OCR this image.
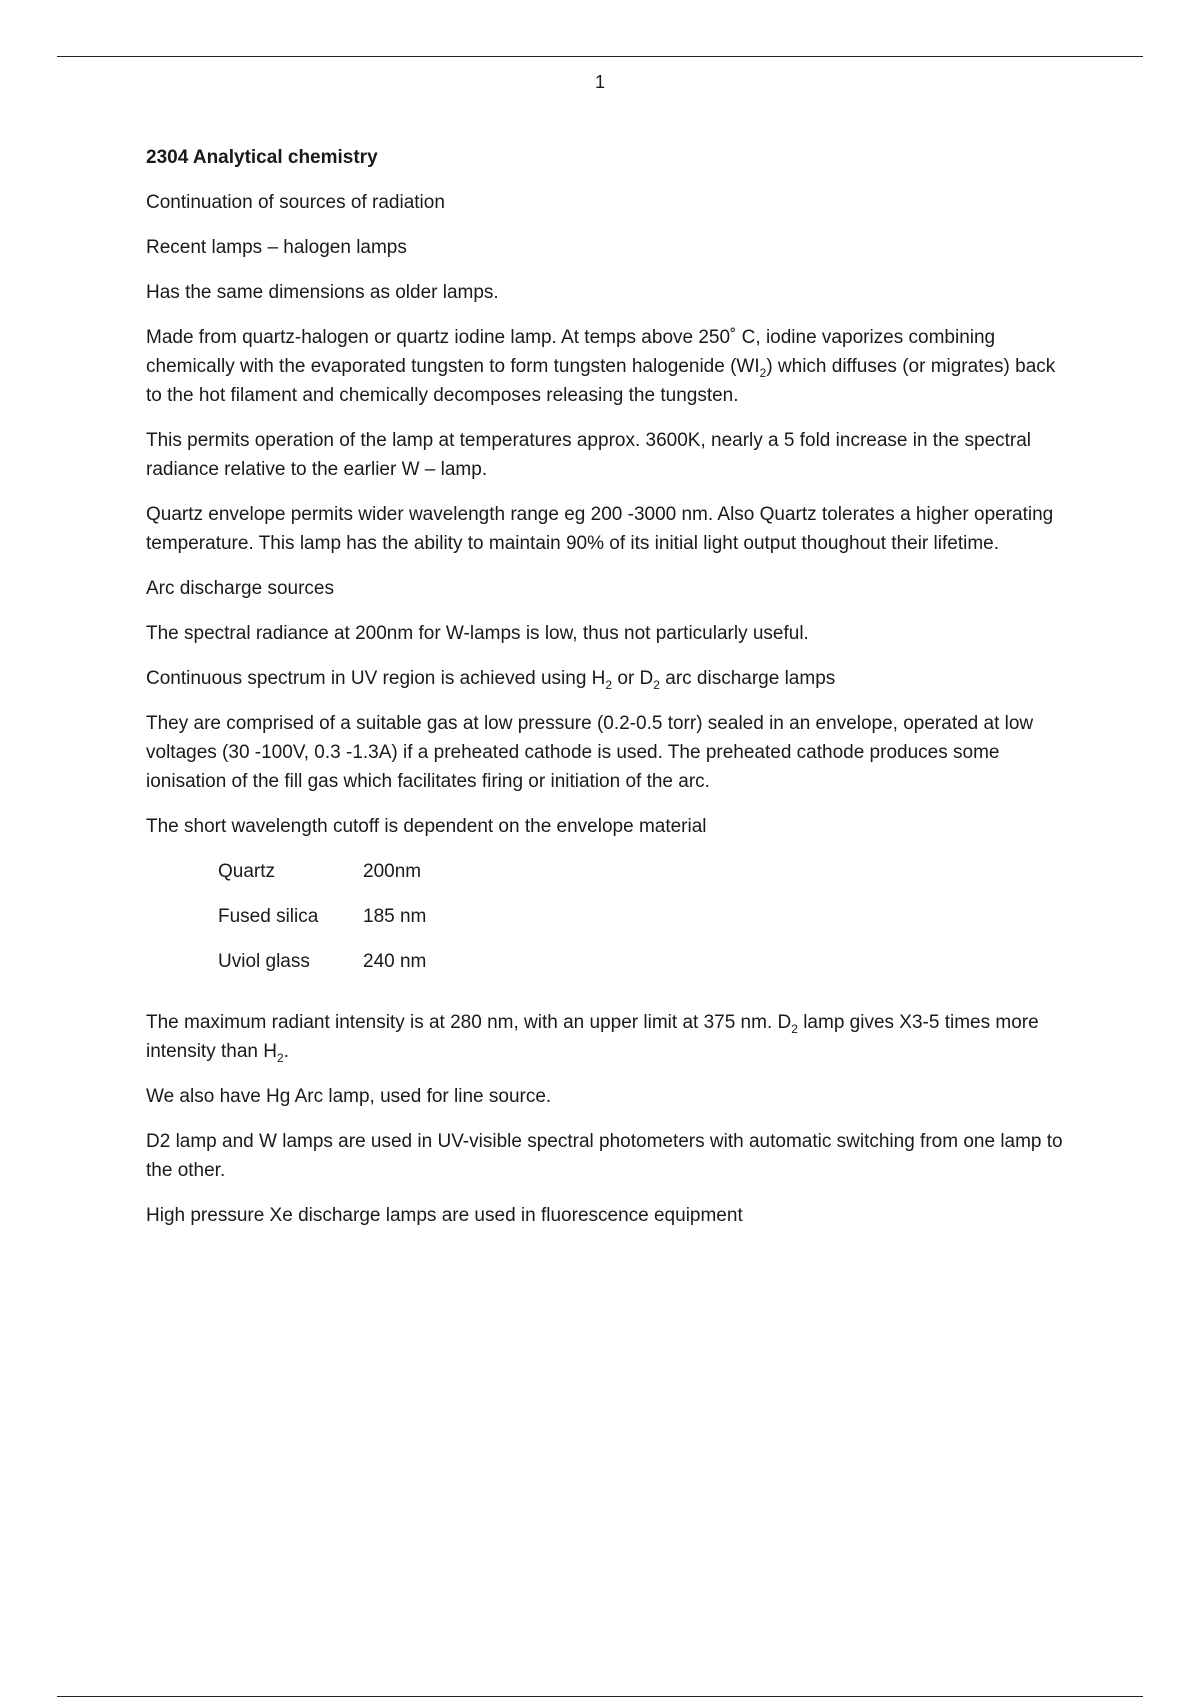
1

2304 Analytical chemistry

Continuation of sources of radiation

Recent lamps – halogen lamps

Has the same dimensions as older lamps.

Made from quartz-halogen or quartz iodine lamp. At temps above 250˚ C, iodine vaporizes combining chemically with the evaporated tungsten to form tungsten halogenide $(WI_2)$ which diffuses (or migrates) back to the hot filament and chemically decomposes releasing the tungsten.

This permits operation of the lamp at temperatures approx. 3600K, nearly a 5 fold increase in the spectral radiance relative to the earlier W – lamp.

Quartz envelope permits wider wavelength range eg 200 -3000 nm. Also Quartz tolerates a higher operating temperature. This lamp has the ability to maintain 90% of its initial light output thoughout their lifetime.

Arc discharge sources

The spectral radiance at 200nm for W-lamps is low, thus not particularly useful.

Continuous spectrum in UV region is achieved using $H_2$ or $D_2$ arc discharge lamps

They are comprised of a suitable gas at low pressure (0.2-0.5 torr) sealed in an envelope, operated at low voltages (30 -100V, 0.3 -1.3A) if a preheated cathode is used. The preheated cathode produces some ionisation of the fill gas which facilitates firing or initiation of the arc.

The short wavelength cutoff is dependent on the envelope material

Quartz	200nm
Fused silica	185 nm
Uviol glass	240 nm

The maximum radiant intensity is at 280 nm, with an upper limit at 375 nm. $D_2$ lamp gives X3-5 times more intensity than $H_2$.

We also have Hg Arc lamp, used for line source.

D2 lamp and W lamps are used in UV-visible spectral photometers with automatic switching from one lamp to the other.

High pressure Xe discharge lamps are used in fluorescence equipment
